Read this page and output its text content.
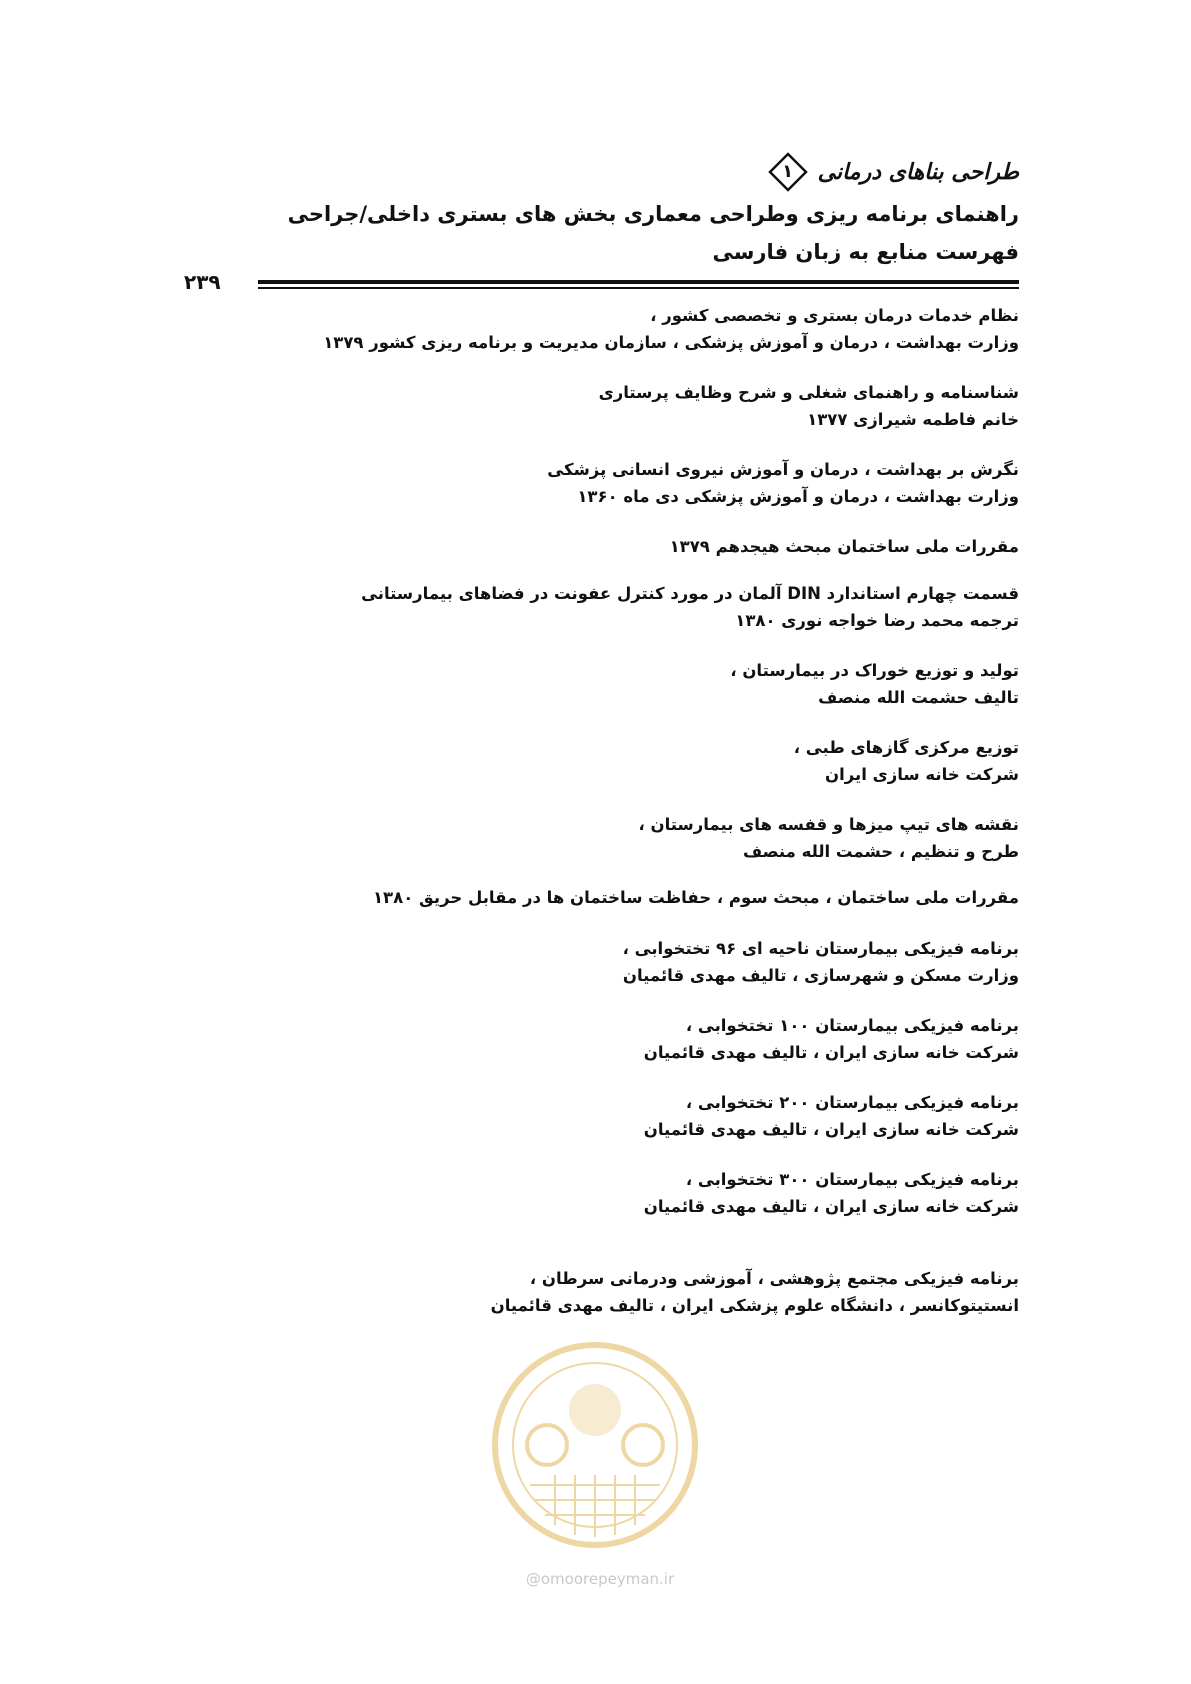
طراحی بناهای درمانی
۱
راهنمای برنامه ریزی وطراحی معماری بخش های بستری داخلی/جراحی
فهرست منابع به زبان فارسی
۲۳۹
نظام خدمات درمان بستری و تخصصی کشور ،
وزارت بهداشت ، درمان و آموزش پزشکی ، سازمان مدیریت و برنامه ریزی کشور ۱۳۷۹
شناسنامه و راهنمای شغلی و شرح وظایف پرستاری
خانم فاطمه شیرازی ۱۳۷۷
نگرش بر بهداشت ، درمان و آموزش نیروی انسانی پزشکی
وزارت بهداشت ، درمان و آموزش پزشکی دی ماه ۱۳۶۰
مقررات ملی ساختمان مبحث هیجدهم ۱۳۷۹
قسمت چهارم استاندارد DIN آلمان در مورد کنترل عفونت در فضاهای بیمارستانی
ترجمه محمد رضا خواجه نوری ۱۳۸۰
تولید و توزیع خوراک در بیمارستان ،
تالیف حشمت الله منصف
توزیع مرکزی گازهای طبی ،
شرکت خانه سازی ایران
نقشه های تیپ میزها و قفسه های بیمارستان ،
طرح و تنظیم ، حشمت الله منصف
مقررات ملی ساختمان ، مبحث سوم ، حفاظت ساختمان ها در مقابل حریق ۱۳۸۰
برنامه فیزیکی بیمارستان ناحیه ای ۹۶ تختخوابی ،
وزارت مسکن و شهرسازی ، تالیف مهدی قائمیان
برنامه فیزیکی بیمارستان ۱۰۰ تختخوابی ،
شرکت خانه سازی ایران ، تالیف مهدی قائمیان
برنامه فیزیکی بیمارستان ۲۰۰ تختخوابی ،
شرکت خانه سازی ایران ، تالیف مهدی قائمیان
برنامه فیزیکی بیمارستان ۳۰۰ تختخوابی ،
شرکت خانه سازی ایران ، تالیف مهدی قائمیان
برنامه فیزیکی مجتمع پژوهشی ، آموزشی ودرمانی سرطان ،
انستیتوکانسر ، دانشگاه علوم پزشکی ایران ، تالیف مهدی قائمیان
@omoorepeyman.ir
